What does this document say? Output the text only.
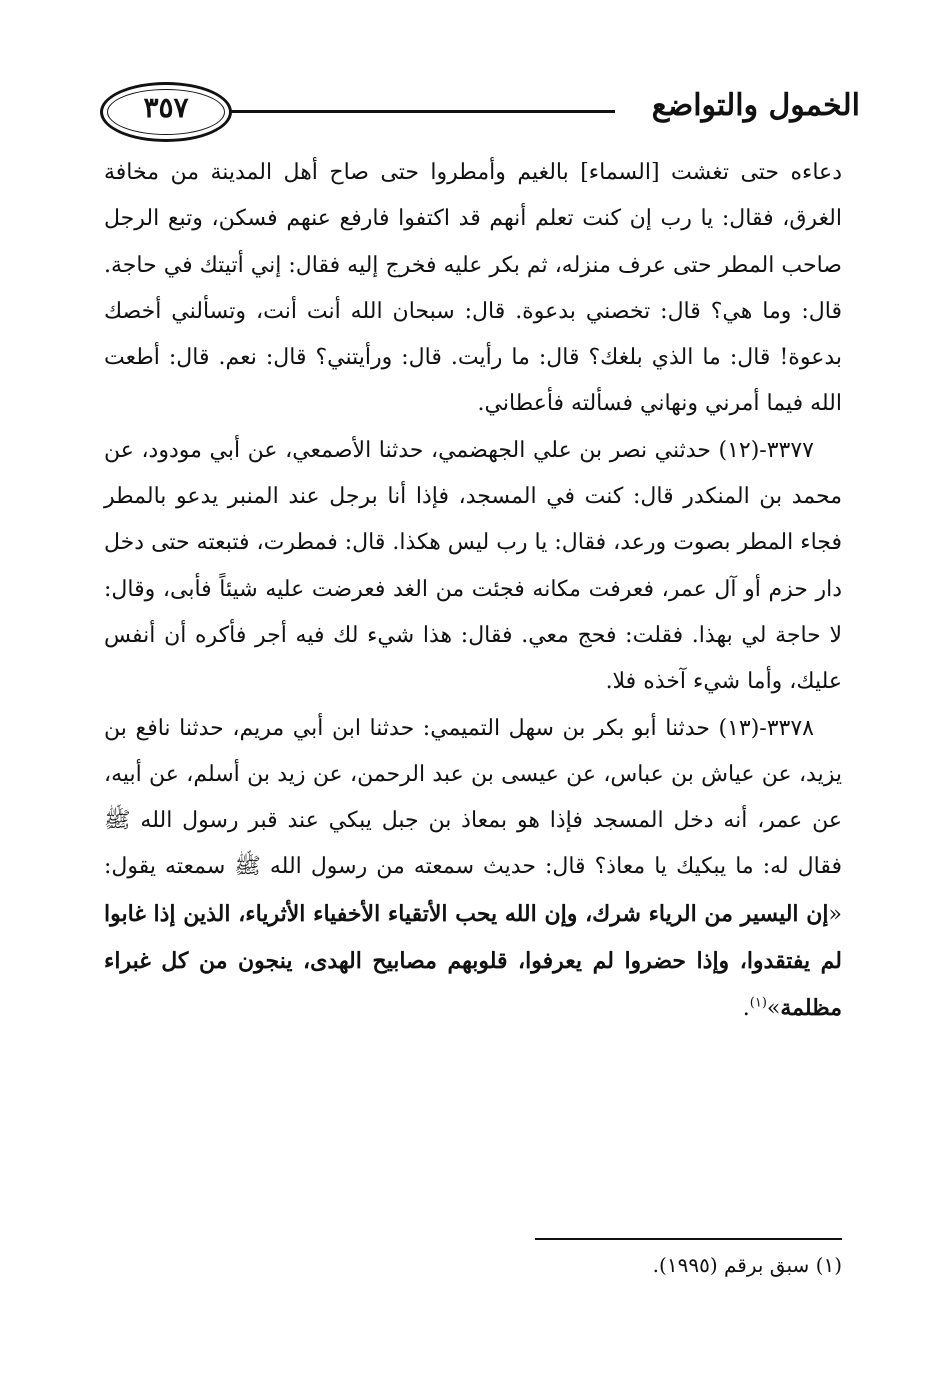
٣٥٧	الخمول والتواضع

دعاءه حتى تغشت [السماء] بالغيم وأمطروا حتى صاح أهل المدينة من مخافة الغرق، فقال: يا رب إن كنت تعلم أنهم قد اكتفوا فارفع عنهم فسكن، وتبع الرجل صاحب المطر حتى عرف منزله، ثم بكر عليه فخرج إليه فقال: إني أتيتك في حاجة. قال: وما هي؟ قال: تخصني بدعوة. قال: سبحان الله أنت أنت، وتسألني أخصك بدعوة! قال: ما الذي بلغك؟ قال: ما رأيت. قال: ورأيتني؟ قال: نعم. قال: أطعت الله فيما أمرني ونهاني فسألته فأعطاني.

٣٣٧٧-(١٢) حدثني نصر بن علي الجهضمي، حدثنا الأصمعي، عن أبي مودود، عن محمد بن المنكدر قال: كنت في المسجد، فإذا أنا برجل عند المنبر يدعو بالمطر فجاء المطر بصوت ورعد، فقال: يا رب ليس هكذا. قال: فمطرت، فتبعته حتى دخل دار حزم أو آل عمر، فعرفت مكانه فجئت من الغد فعرضت عليه شيئاً فأبى، وقال: لا حاجة لي بهذا. فقلت: فحج معي. فقال: هذا شيء لك فيه أجر فأكره أن أنفس عليك، وأما شيء آخذه فلا.

٣٣٧٨-(١٣) حدثنا أبو بكر بن سهل التميمي: حدثنا ابن أبي مريم، حدثنا نافع بن يزيد، عن عياش بن عباس، عن عيسى بن عبد الرحمن، عن زيد بن أسلم، عن أبيه، عن عمر، أنه دخل المسجد فإذا هو بمعاذ بن جبل يبكي عند قبر رسول الله ﷺ فقال له: ما يبكيك يا معاذ؟ قال: حديث سمعته من رسول الله ﷺ سمعته يقول: «إن اليسير من الرياء شرك، وإن الله يحب الأتقياء الأخفياء الأثرياء، الذين إذا غابوا لم يفتقدوا، وإذا حضروا لم يعرفوا، قلوبهم مصابيح الهدى، ينجون من كل غبراء مظلمة»$^{(١)}$.

(١) سبق برقم (١٩٩٥).
